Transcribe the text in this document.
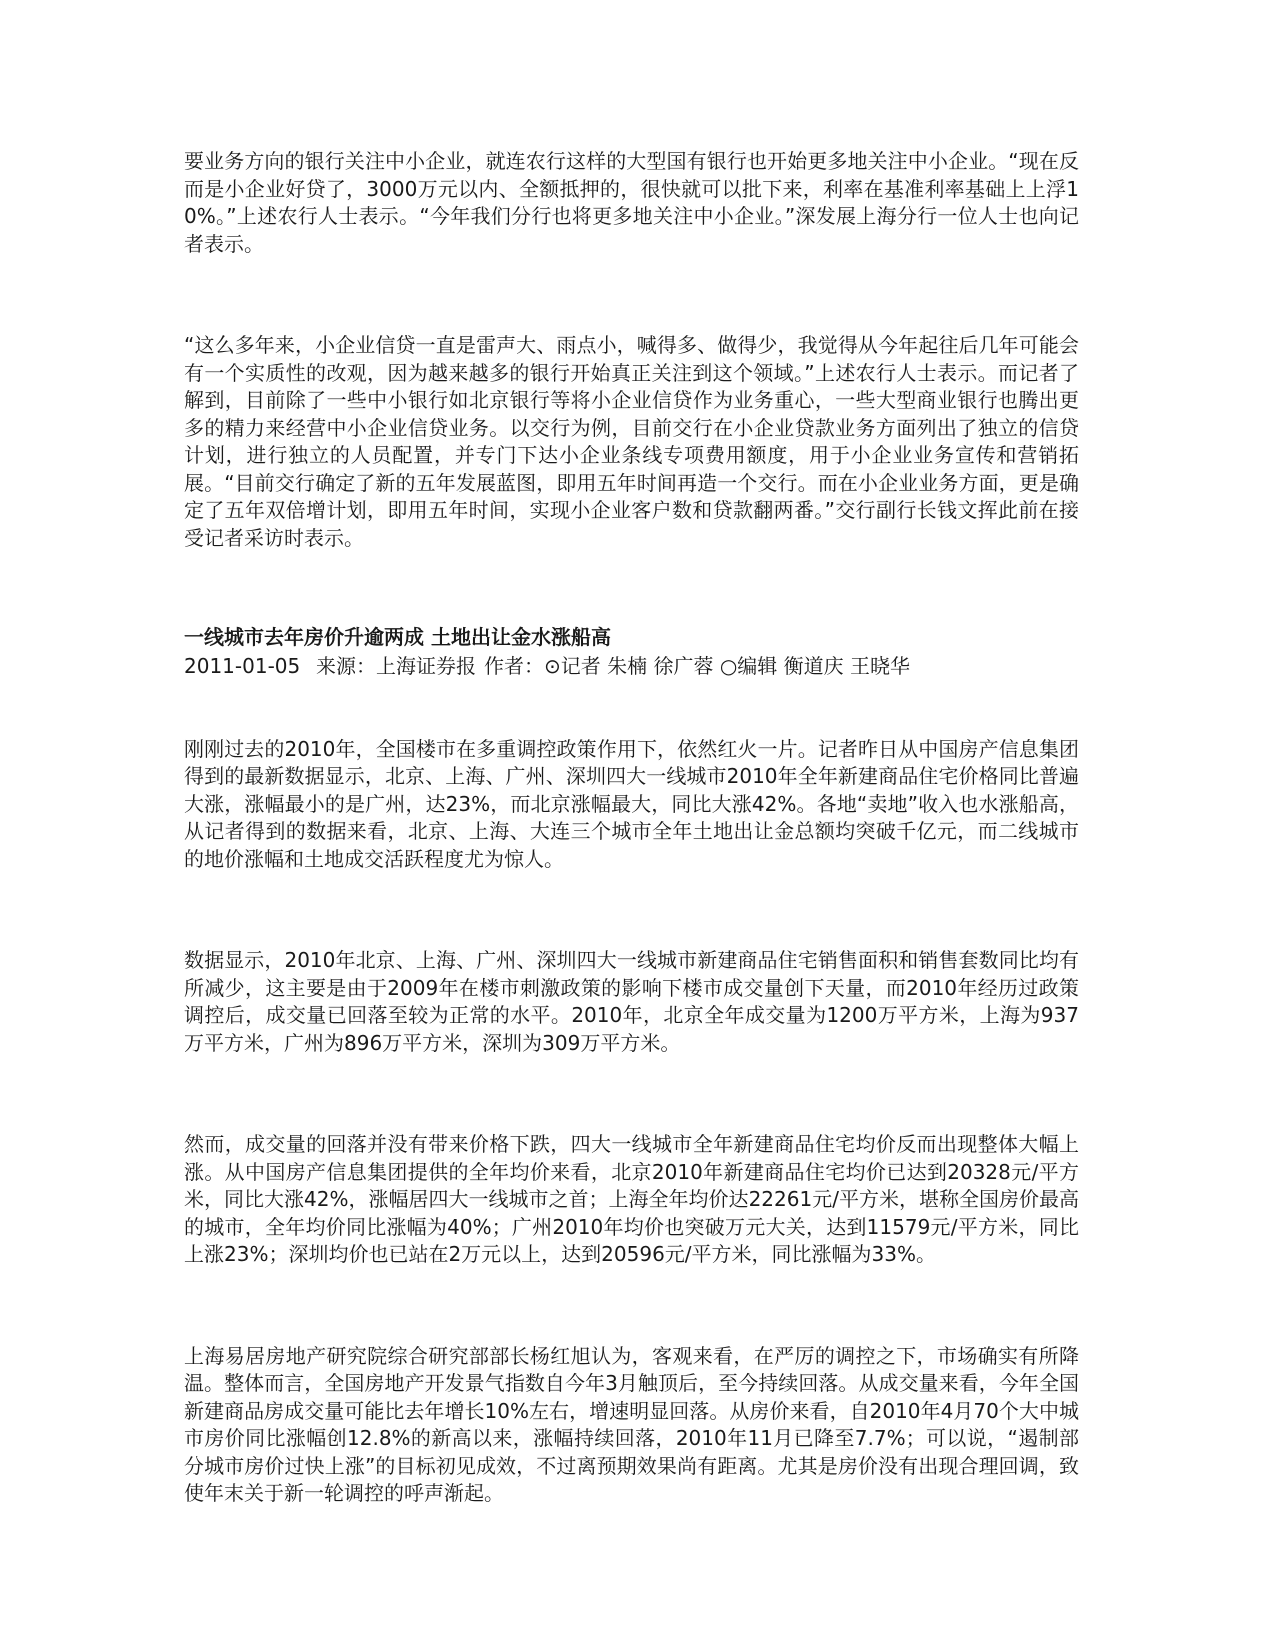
要业务方向的银行关注中小企业，就连农行这样的大型国有银行也开始更多地关注中小企业。“现在反而是小企业好贷了，3000万元以内、全额抵押的，很快就可以批下来，利率在基准利率基础上上浮10%。”上述农行人士表示。“今年我们分行也将更多地关注中小企业。”深发展上海分行一位人士也向记者表示。

“这么多年来，小企业信贷一直是雷声大、雨点小，喊得多、做得少，我觉得从今年起往后几年可能会有一个实质性的改观，因为越来越多的银行开始真正关注到这个领域。”上述农行人士表示。而记者了解到，目前除了一些中小银行如北京银行等将小企业信贷作为业务重心，一些大型商业银行也腾出更多的精力来经营中小企业信贷业务。以交行为例，目前交行在小企业贷款业务方面列出了独立的信贷计划，进行独立的人员配置，并专门下达小企业条线专项费用额度，用于小企业业务宣传和营销拓展。“目前交行确定了新的五年发展蓝图，即用五年时间再造一个交行。而在小企业业务方面，更是确定了五年双倍增计划，即用五年时间，实现小企业客户数和贷款翻两番。”交行副行长钱文挥此前在接受记者采访时表示。

一线城市去年房价升逾两成 土地出让金水涨船高
2011-01-05 来源：上海证券报 作者：⊙记者 朱楠 徐广蓉 ○编辑 衡道庆 王晓华

刚刚过去的2010年，全国楼市在多重调控政策作用下，依然红火一片。记者昨日从中国房产信息集团得到的最新数据显示，北京、上海、广州、深圳四大一线城市2010年全年新建商品住宅价格同比普遍大涨，涨幅最小的是广州，达23%，而北京涨幅最大，同比大涨42%。各地“卖地”收入也水涨船高，从记者得到的数据来看，北京、上海、大连三个城市全年土地出让金总额均突破千亿元，而二线城市的地价涨幅和土地成交活跃程度尤为惊人。

数据显示，2010年北京、上海、广州、深圳四大一线城市新建商品住宅销售面积和销售套数同比均有所减少，这主要是由于2009年在楼市刺激政策的影响下楼市成交量创下天量，而2010年经历过政策调控后，成交量已回落至较为正常的水平。2010年，北京全年成交量为1200万平方米，上海为937万平方米，广州为896万平方米，深圳为309万平方米。

然而，成交量的回落并没有带来价格下跌，四大一线城市全年新建商品住宅均价反而出现整体大幅上涨。从中国房产信息集团提供的全年均价来看，北京2010年新建商品住宅均价已达到20328元/平方米，同比大涨42%，涨幅居四大一线城市之首；上海全年均价达22261元/平方米，堪称全国房价最高的城市，全年均价同比涨幅为40%；广州2010年均价也突破万元大关，达到11579元/平方米，同比上涨23%；深圳均价也已站在2万元以上，达到20596元/平方米，同比涨幅为33%。

上海易居房地产研究院综合研究部部长杨红旭认为，客观来看，在严厉的调控之下，市场确实有所降温。整体而言，全国房地产开发景气指数自今年3月触顶后，至今持续回落。从成交量来看，今年全国新建商品房成交量可能比去年增长10%左右，增速明显回落。从房价来看，自2010年4月70个大中城市房价同比涨幅创12.8%的新高以来，涨幅持续回落，2010年11月已降至7.7%；可以说，“遏制部分城市房价过快上涨”的目标初见成效，不过离预期效果尚有距离。尤其是房价没有出现合理回调，致使年末关于新一轮调控的呼声渐起。
